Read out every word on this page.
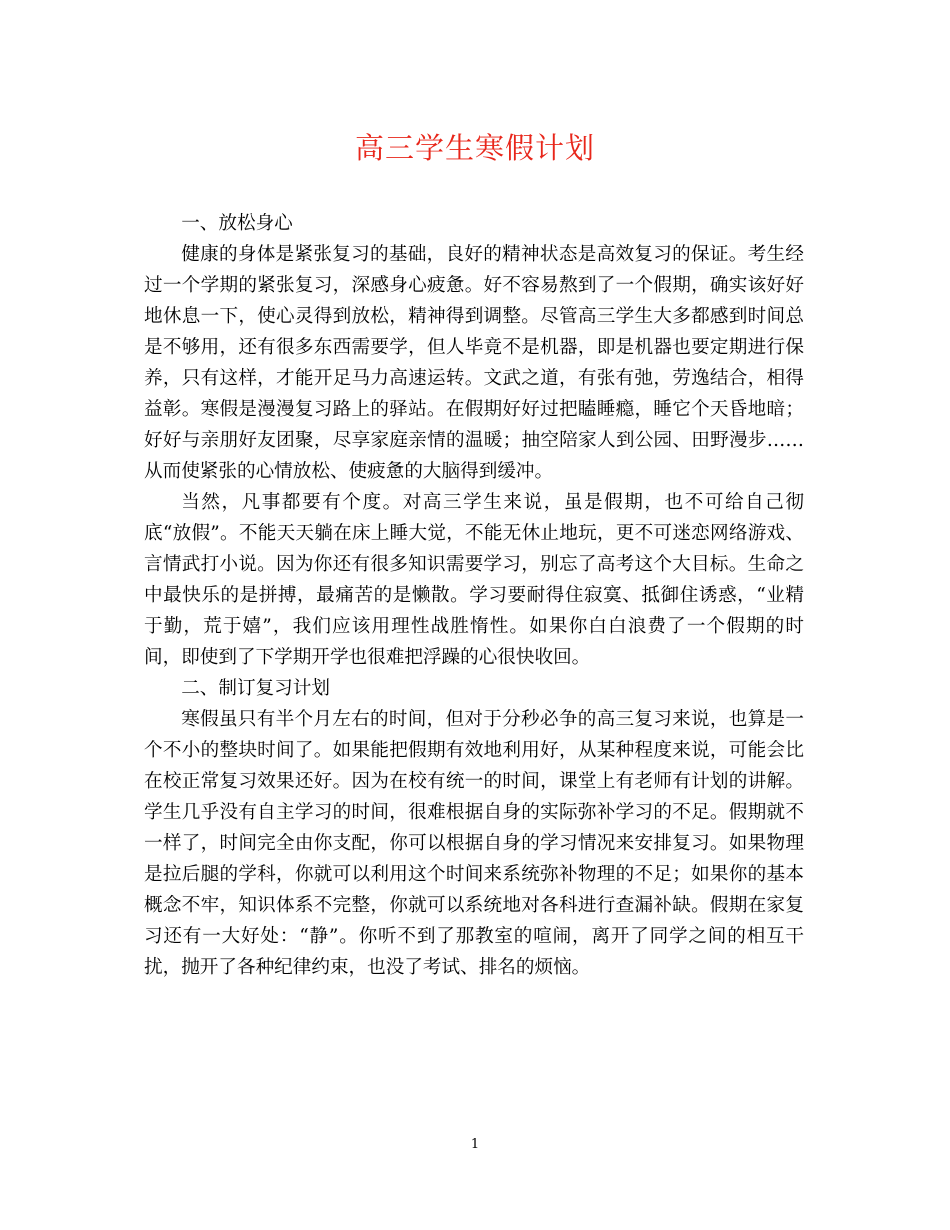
高三学生寒假计划

一、放松身心

健康的身体是紧张复习的基础，良好的精神状态是高效复习的保证。考生经过一个学期的紧张复习，深感身心疲惫。好不容易熬到了一个假期，确实该好好地休息一下，使心灵得到放松，精神得到调整。尽管高三学生大多都感到时间总是不够用，还有很多东西需要学，但人毕竟不是机器，即是机器也要定期进行保养，只有这样，才能开足马力高速运转。文武之道，有张有弛，劳逸结合，相得益彰。寒假是漫漫复习路上的驿站。在假期好好过把瞌睡瘾，睡它个天昏地暗；好好与亲朋好友团聚，尽享家庭亲情的温暖；抽空陪家人到公园、田野漫步……从而使紧张的心情放松、使疲惫的大脑得到缓冲。

当然，凡事都要有个度。对高三学生来说，虽是假期，也不可给自己彻底“放假”。不能天天躺在床上睡大觉，不能无休止地玩，更不可迷恋网络游戏、言情武打小说。因为你还有很多知识需要学习，别忘了高考这个大目标。生命之中最快乐的是拼搏，最痛苦的是懒散。学习要耐得住寂寞、抵御住诱惑，“业精于勤，荒于嬉”，我们应该用理性战胜惰性。如果你白白浪费了一个假期的时间，即使到了下学期开学也很难把浮躁的心很快收回。

二、制订复习计划

寒假虽只有半个月左右的时间，但对于分秒必争的高三复习来说，也算是一个不小的整块时间了。如果能把假期有效地利用好，从某种程度来说，可能会比在校正常复习效果还好。因为在校有统一的时间，课堂上有老师有计划的讲解。学生几乎没有自主学习的时间，很难根据自身的实际弥补学习的不足。假期就不一样了，时间完全由你支配，你可以根据自身的学习情况来安排复习。如果物理是拉后腿的学科，你就可以利用这个时间来系统弥补物理的不足；如果你的基本概念不牢，知识体系不完整，你就可以系统地对各科进行查漏补缺。假期在家复习还有一大好处：“静”。你听不到了那教室的喧闹，离开了同学之间的相互干扰，抛开了各种纪律约束，也没了考试、排名的烦恼。

1
